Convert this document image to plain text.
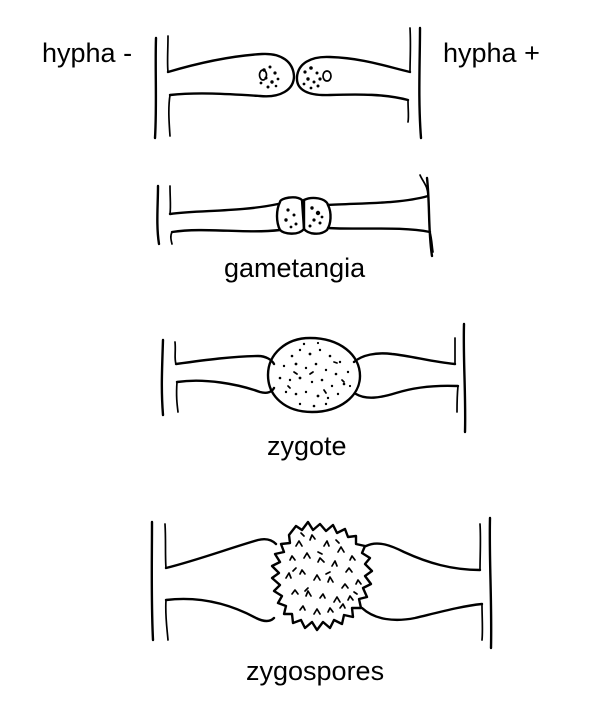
hypha -	hypha +
gametangia
zygote
zygospores
